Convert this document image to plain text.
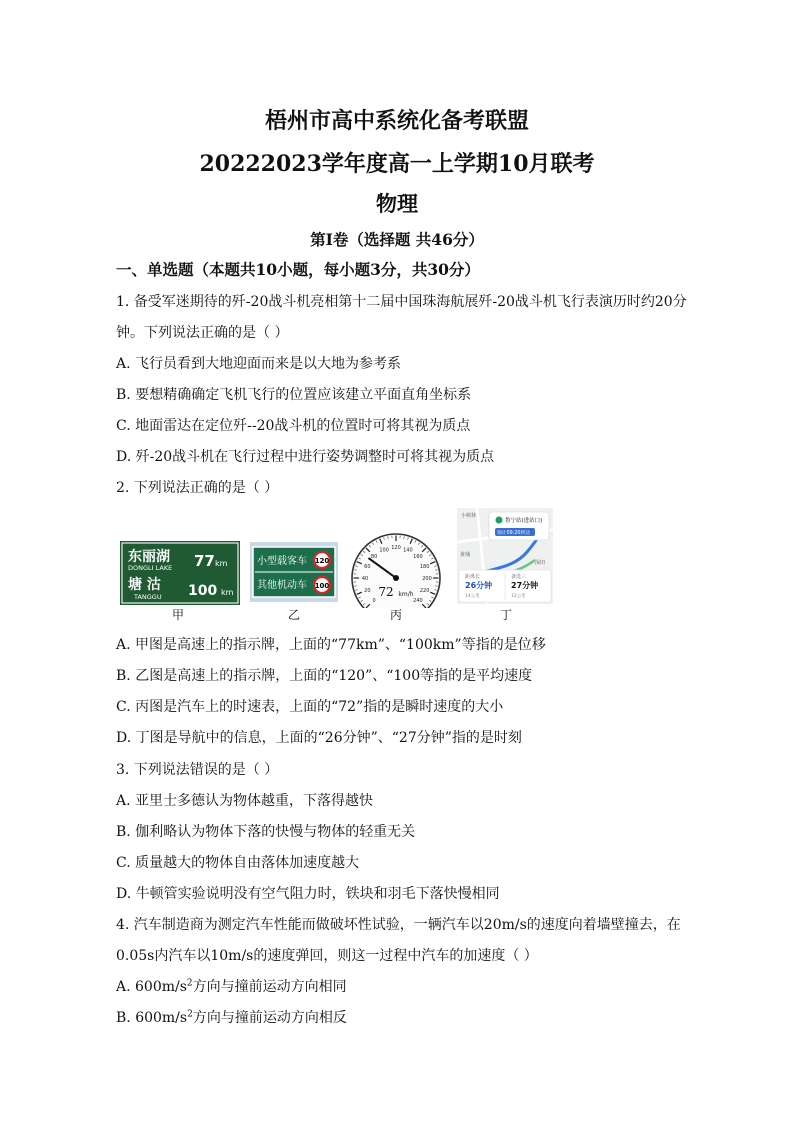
梧州市高中系统化备考联盟
20222023学年度高一上学期10月联考
物理
第Ⅰ卷（选择题 共46分）
一、单选题（本题共10小题，每小题3分，共30分）
1. 备受军迷期待的歼-20战斗机亮相第十二届中国珠海航展歼-20战斗机飞行表演历时约20分
钟。下列说法正确的是（ ）
A. 飞行员看到大地迎面而来是以大地为参考系
B. 要想精确确定飞机飞行的位置应该建立平面直角坐标系
C. 地面雷达在定位歼--20战斗机的位置时可将其视为质点
D. 歼-20战斗机在飞行过程中进行姿势调整时可将其视为质点
2. 下列说法正确的是（ ）
东丽湖
DONGLI LAKE 77 km
塘 沽
TANGGU 100 km
甲
小型载客车 120
其他机动车 100
乙
0
20
40
60
80
100 120 140
160
180
200
220
240
72 km/h
丙
小树林
黄埔
深田
鲁宁站(进站口)
预计09:20到达
距离长
26分钟
14公里
备选三
27分钟
12公里
丁
A. 甲图是高速上的指示牌，上面的“77km”、“100km”等指的是位移
B. 乙图是高速上的指示牌，上面的“120”、“100等指的是平均速度
C. 丙图是汽车上的时速表，上面的“72”指的是瞬时速度的大小
D. 丁图是导航中的信息，上面的“26分钟”、“27分钟”指的是时刻
3. 下列说法错误的是（ ）
A. 亚里士多德认为物体越重，下落得越快
B. 伽利略认为物体下落的快慢与物体的轻重无关
C. 质量越大的物体自由落体加速度越大
D. 牛顿管实验说明没有空气阻力时，铁块和羽毛下落快慢相同
4. 汽车制造商为测定汽车性能而做破坏性试验，一辆汽车以20m/s的速度向着墙壁撞去，在
0.05s内汽车以10m/s的速度弹回，则这一过程中汽车的加速度（ ）
A. $600m/s^2$方向与撞前运动方向相同
B. $600m/s^2$方向与撞前运动方向相反
